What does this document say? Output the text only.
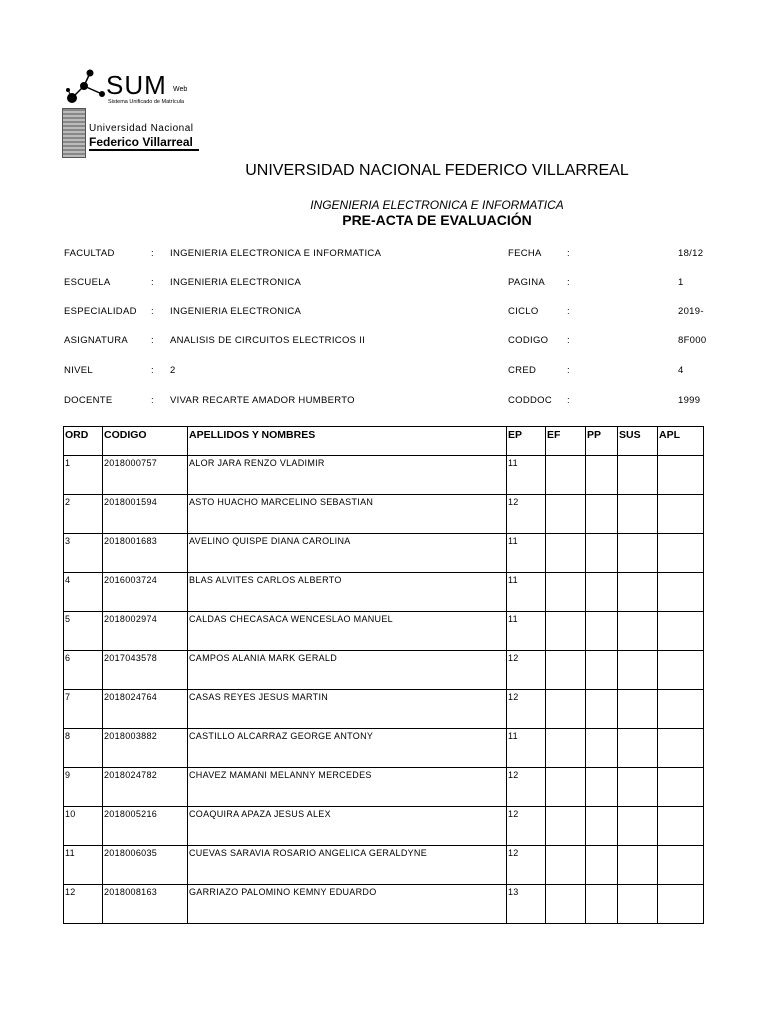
SUM Web
Sistema Unificado de Matrícula
Universidad Nacional
Federico Villarreal
UNIVERSIDAD NACIONAL FEDERICO VILLARREAL
INGENIERIA ELECTRONICA E INFORMATICA
PRE-ACTA DE EVALUACIÓN
FACULTAD	: INGENIERIA ELECTRONICA E INFORMATICA	FECHA	:	18/12
ESCUELA	: INGENIERIA ELECTRONICA	PAGINA :	1
ESPECIALIDAD : INGENIERIA ELECTRONICA	CICLO	:	2019-
ASIGNATURA : ANALISIS DE CIRCUITOS ELECTRICOS II	CODIGO :	8F000
NIVEL	: 2	CRED	:	4
DOCENTE	: VIVAR RECARTE AMADOR HUMBERTO	CODDOC :	1999
ORD	CODIGO	APELLIDOS Y NOMBRES	EP	EF	PP	SUS	APL
1	2018000757	ALOR JARA RENZO VLADIMIR	11				
2	2018001594	ASTO HUACHO MARCELINO SEBASTIAN	12				
3	2018001683	AVELINO QUISPE DIANA CAROLINA	11				
4	2016003724	BLAS ALVITES CARLOS ALBERTO	11				
5	2018002974	CALDAS CHECASACA WENCESLAO MANUEL	11				
6	2017043578	CAMPOS ALANIA MARK GERALD	12				
7	2018024764	CASAS REYES JESUS MARTIN	12				
8	2018003882	CASTILLO ALCARRAZ GEORGE ANTONY	11				
9	2018024782	CHAVEZ MAMANI MELANNY MERCEDES	12				
10	2018005216	COAQUIRA APAZA JESUS ALEX	12				
11	2018006035	CUEVAS SARAVIA ROSARIO ANGELICA GERALDYNE	12				
12	2018008163	GARRIAZO PALOMINO KEMNY EDUARDO	13				
